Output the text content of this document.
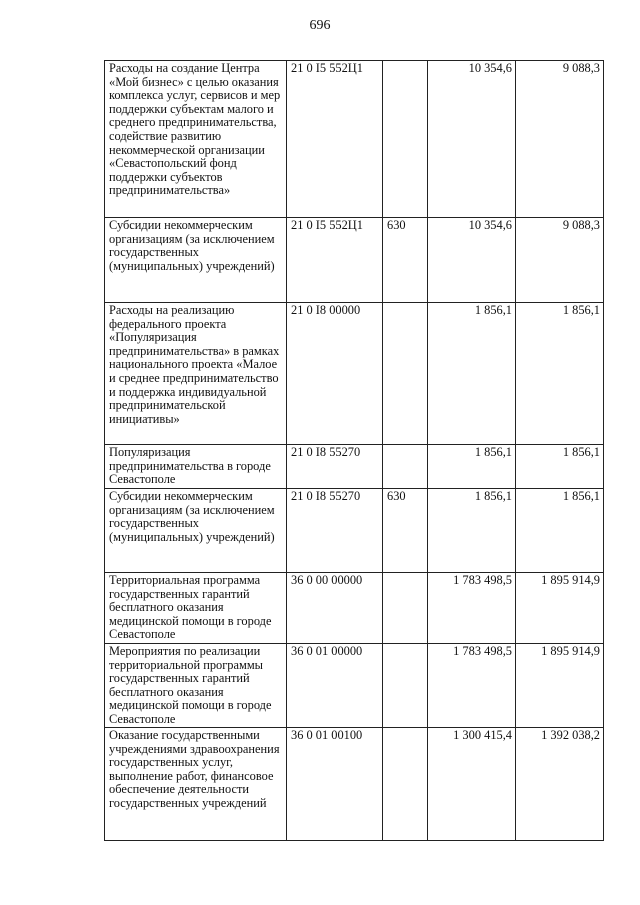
696
Расходы на создание Центра «Мой бизнес» с целью оказания комплекса услуг, сервисов и мер поддержки субъектам малого и среднего предпринимательства, содействие развитию некоммерческой организации «Севастопольский фонд поддержки субъектов предпринимательства»	21 0 I5 552Ц1		10 354,6	9 088,3

Субсидии некоммерческим организациям (за исключением государственных (муниципальных) учреждений)	21 0 I5 552Ц1	630	10 354,6	9 088,3

Расходы на реализацию федерального проекта «Популяризация предпринимательства» в рамках национального проекта «Малое и среднее предпринимательство и поддержка индивидуальной предпринимательской инициативы»	21 0 I8 00000		1 856,1	1 856,1

Популяризация предпринимательства в городе Севастополе	21 0 I8 55270		1 856,1	1 856,1

Субсидии некоммерческим организациям (за исключением государственных (муниципальных) учреждений)	21 0 I8 55270	630	1 856,1	1 856,1

Территориальная программа государственных гарантий бесплатного оказания медицинской помощи в городе Севастополе	36 0 00 00000		1 783 498,5	1 895 914,9

Мероприятия по реализации территориальной программы государственных гарантий бесплатного оказания медицинской помощи в городе Севастополе	36 0 01 00000		1 783 498,5	1 895 914,9

Оказание государственными учреждениями здравоохранения государственных услуг, выполнение работ, финансовое обеспечение деятельности государственных учреждений	36 0 01 00100		1 300 415,4	1 392 038,2
